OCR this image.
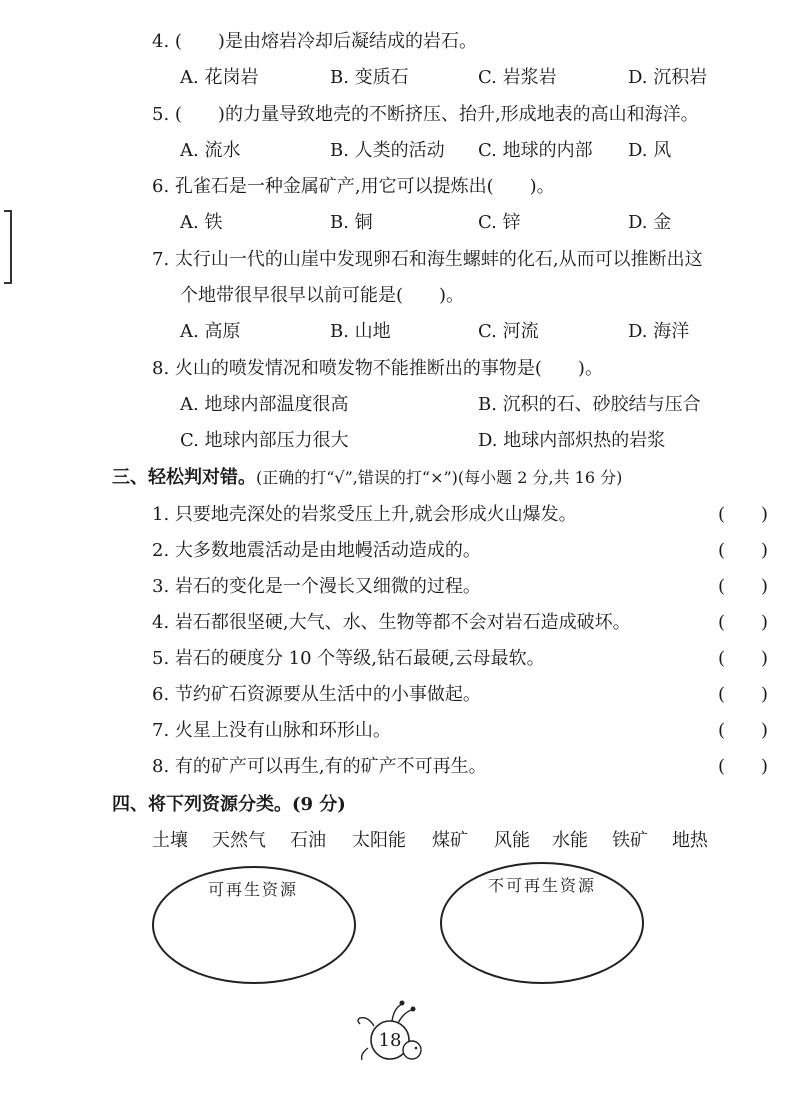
4. (　　)是由熔岩冷却后凝结成的岩石。
A. 花岗岩	B. 变质石	C. 岩浆岩	D. 沉积岩
5. (　　)的力量导致地壳的不断挤压、抬升,形成地表的高山和海洋。
A. 流水	B. 人类的活动 C. 地球的内部 D. 风
6. 孔雀石是一种金属矿产,用它可以提炼出(　　)。
A. 铁	B. 铜	C. 锌	D. 金
7. 太行山一代的山崖中发现卵石和海生螺蚌的化石,从而可以推断出这
个地带很早很早以前可能是(　　)。
A. 高原	B. 山地	C. 河流	D. 海洋
8. 火山的喷发情况和喷发物不能推断出的事物是(　　)。
A. 地球内部温度很高	B. 沉积的石、砂胶结与压合
C. 地球内部压力很大	D. 地球内部炽热的岩浆
三、轻松判对错。(正确的打“√”,错误的打“×”)(每小题 2 分,共 16 分)
1. 只要地壳深处的岩浆受压上升,就会形成火山爆发。	(　　)
2. 大多数地震活动是由地幔活动造成的。	(　　)
3. 岩石的变化是一个漫长又细微的过程。	(　　)
4. 岩石都很坚硬,大气、水、生物等都不会对岩石造成破坏。	(　　)
5. 岩石的硬度分 10 个等级,钻石最硬,云母最软。	(　　)
6. 节约矿石资源要从生活中的小事做起。	(　　)
7. 火星上没有山脉和环形山。	(　　)
8. 有的矿产可以再生,有的矿产不可再生。	(　　)
四、将下列资源分类。(9 分)
土壤 天然气 石油 太阳能 煤矿 风能 水能 铁矿 地热
可再生资源	不可再生资源
18
